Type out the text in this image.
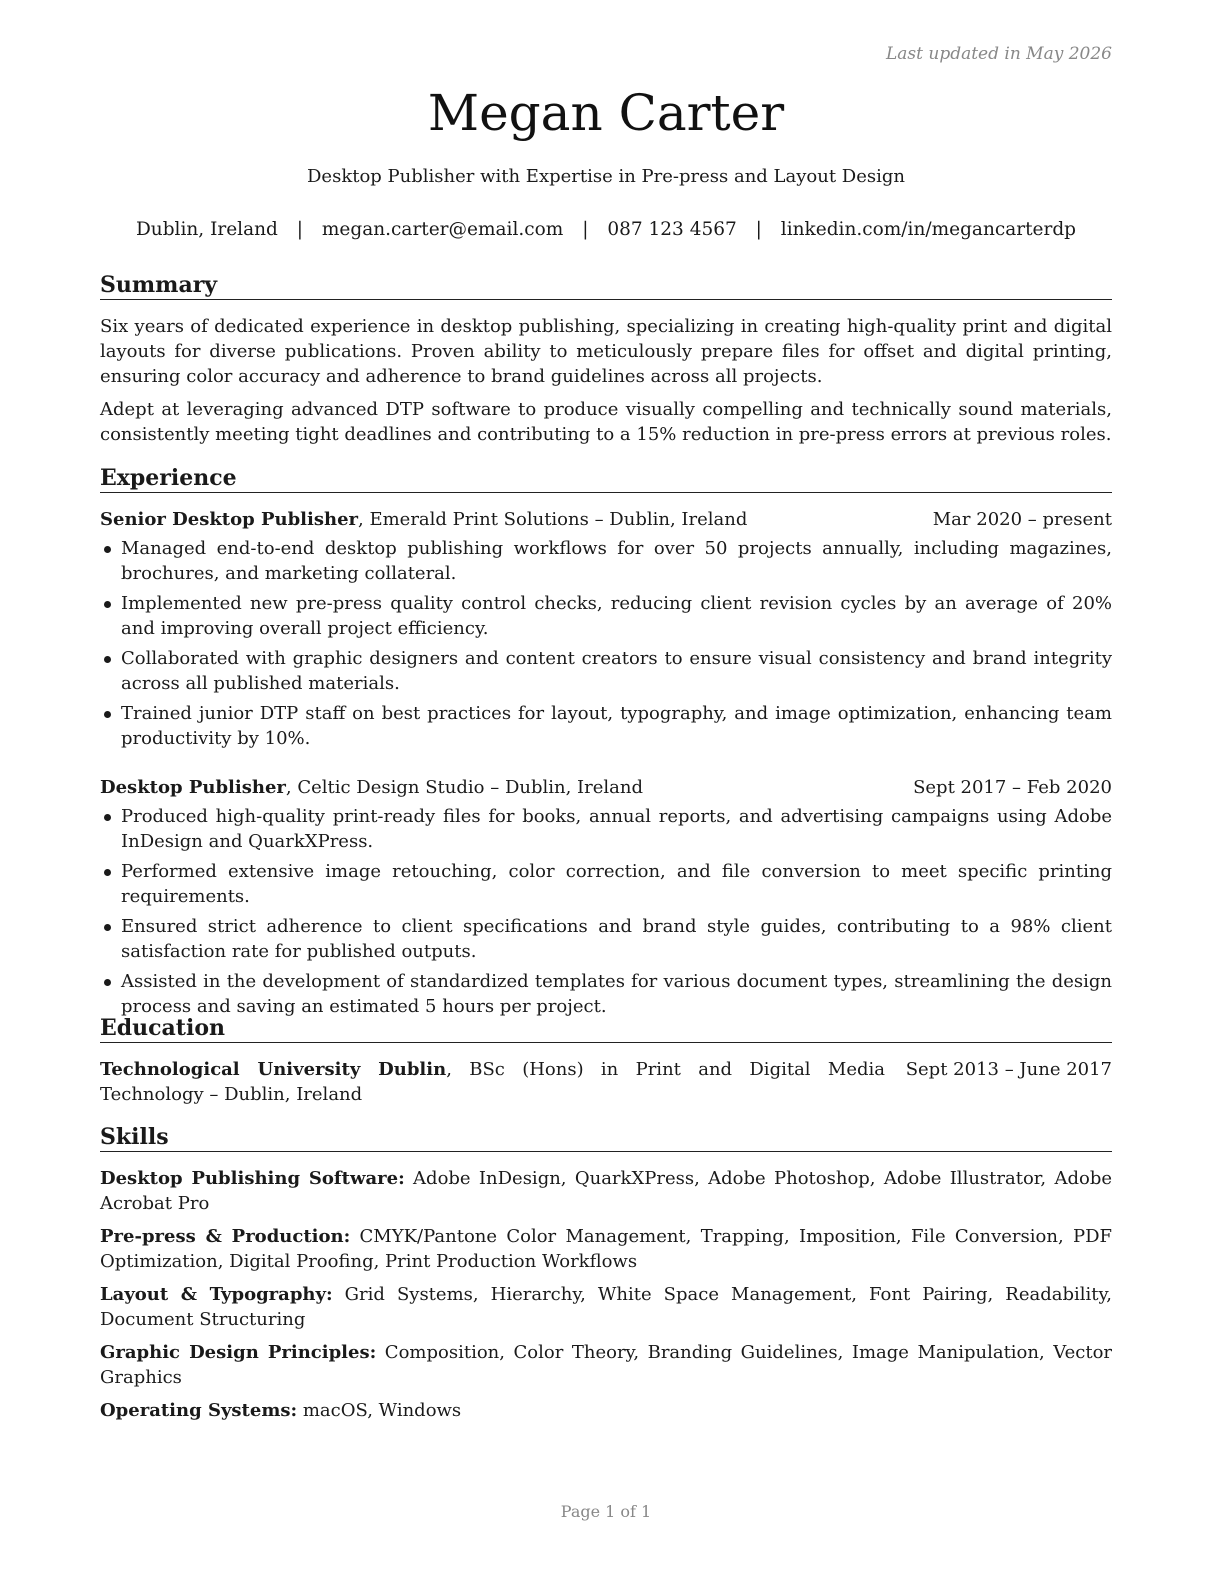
Last updated in May 2026
Megan Carter
Desktop Publisher with Expertise in Pre-press and Layout Design
Dublin, Ireland | megan.carter@email.com | 087 123 4567 | linkedin.com/in/megancarterdp
Summary

Six years of dedicated experience in desktop publishing, specializing in creating high-quality print and digital layouts for diverse publications. Proven ability to meticulously prepare files for offset and digital printing, ensuring color accuracy and adherence to brand guidelines across all projects.

Adept at leveraging advanced DTP software to produce visually compelling and technically sound materials, consistently meeting tight deadlines and contributing to a 15% reduction in pre-press errors at previous roles.

Experience
Senior Desktop Publisher, Emerald Print Solutions – Dublin, Ireland	Mar 2020 – present
Managed end-to-end desktop publishing workflows for over 50 projects annually, including magazines, brochures, and marketing collateral.
Implemented new pre-press quality control checks, reducing client revision cycles by an average of 20% and improving overall project efficiency.
Collaborated with graphic designers and content creators to ensure visual consistency and brand integrity across all published materials.
Trained junior DTP staff on best practices for layout, typography, and image optimization, enhancing team productivity by 10%.
Desktop Publisher, Celtic Design Studio – Dublin, Ireland	Sept 2017 – Feb 2020
Produced high-quality print-ready files for books, annual reports, and advertising campaigns using Adobe InDesign and QuarkXPress.
Performed extensive image retouching, color correction, and file conversion to meet specific printing requirements.
Ensured strict adherence to client specifications and brand style guides, contributing to a 98% client satisfaction rate for published outputs.
Assisted in the development of standardized templates for various document types, streamlining the design process and saving an estimated 5 hours per project.
Education
Technological University Dublin, BSc (Hons) in Print and Digital Media Technology – Dublin, Ireland
Sept 2013 – June 2017
Skills

Desktop Publishing Software: Adobe InDesign, QuarkXPress, Adobe Photoshop, Adobe Illustrator, Adobe Acrobat Pro

Pre-press & Production: CMYK/Pantone Color Management, Trapping, Imposition, File Conversion, PDF Optimization, Digital Proofing, Print Production Workflows

Layout & Typography: Grid Systems, Hierarchy, White Space Management, Font Pairing, Readability, Document Structuring

Graphic Design Principles: Composition, Color Theory, Branding Guidelines, Image Manipulation, Vector Graphics

Operating Systems: macOS, Windows

Page 1 of 1
